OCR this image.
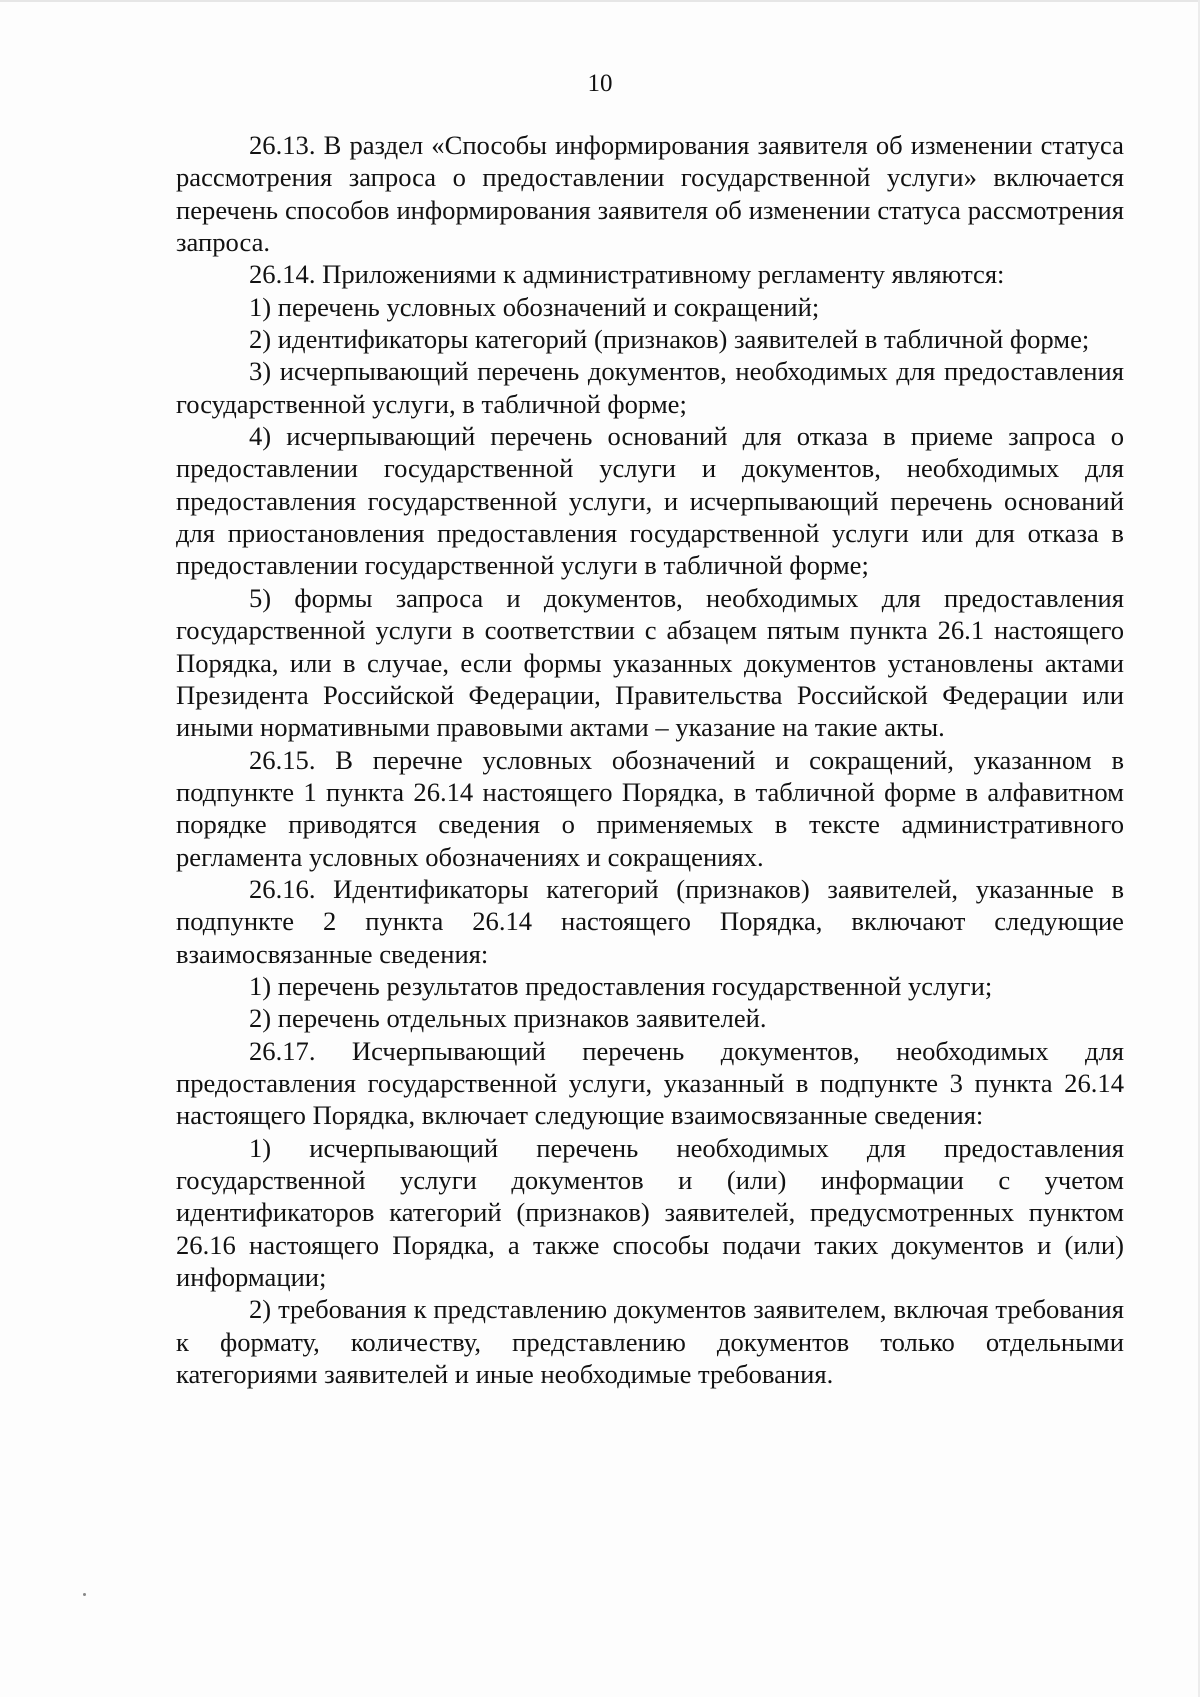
10

26.13. В раздел «Способы информирования заявителя об изменении статуса рассмотрения запроса о предоставлении государственной услуги» включается перечень способов информирования заявителя об изменении статуса рассмотрения запроса.

26.14. Приложениями к административному регламенту являются:

1) перечень условных обозначений и сокращений;

2) идентификаторы категорий (признаков) заявителей в табличной форме;

3) исчерпывающий перечень документов, необходимых для предоставления государственной услуги, в табличной форме;

4) исчерпывающий перечень оснований для отказа в приеме запроса о предоставлении государственной услуги и документов, необходимых для предоставления государственной услуги, и исчерпывающий перечень оснований для приостановления предоставления государственной услуги или для отказа в предоставлении государственной услуги в табличной форме;

5) формы запроса и документов, необходимых для предоставления государственной услуги в соответствии с абзацем пятым пункта 26.1 настоящего Порядка, или в случае, если формы указанных документов установлены актами Президента Российской Федерации, Правительства Российской Федерации или иными нормативными правовыми актами – указание на такие акты.

26.15. В перечне условных обозначений и сокращений, указанном в подпункте 1 пункта 26.14 настоящего Порядка, в табличной форме в алфавитном порядке приводятся сведения о применяемых в тексте административного регламента условных обозначениях и сокращениях.

26.16. Идентификаторы категорий (признаков) заявителей, указанные в подпункте 2 пункта 26.14 настоящего Порядка, включают следующие взаимосвязанные сведения:

1) перечень результатов предоставления государственной услуги;

2) перечень отдельных признаков заявителей.

26.17. Исчерпывающий перечень документов, необходимых для предоставления государственной услуги, указанный в подпункте 3 пункта 26.14 настоящего Порядка, включает следующие взаимосвязанные сведения:

1) исчерпывающий перечень необходимых для предоставления государственной услуги документов и (или) информации с учетом идентификаторов категорий (признаков) заявителей, предусмотренных пунктом 26.16 настоящего Порядка, а также способы подачи таких документов и (или) информации;

2) требования к представлению документов заявителем, включая требования к формату, количеству, представлению документов только отдельными категориями заявителей и иные необходимые требования.
